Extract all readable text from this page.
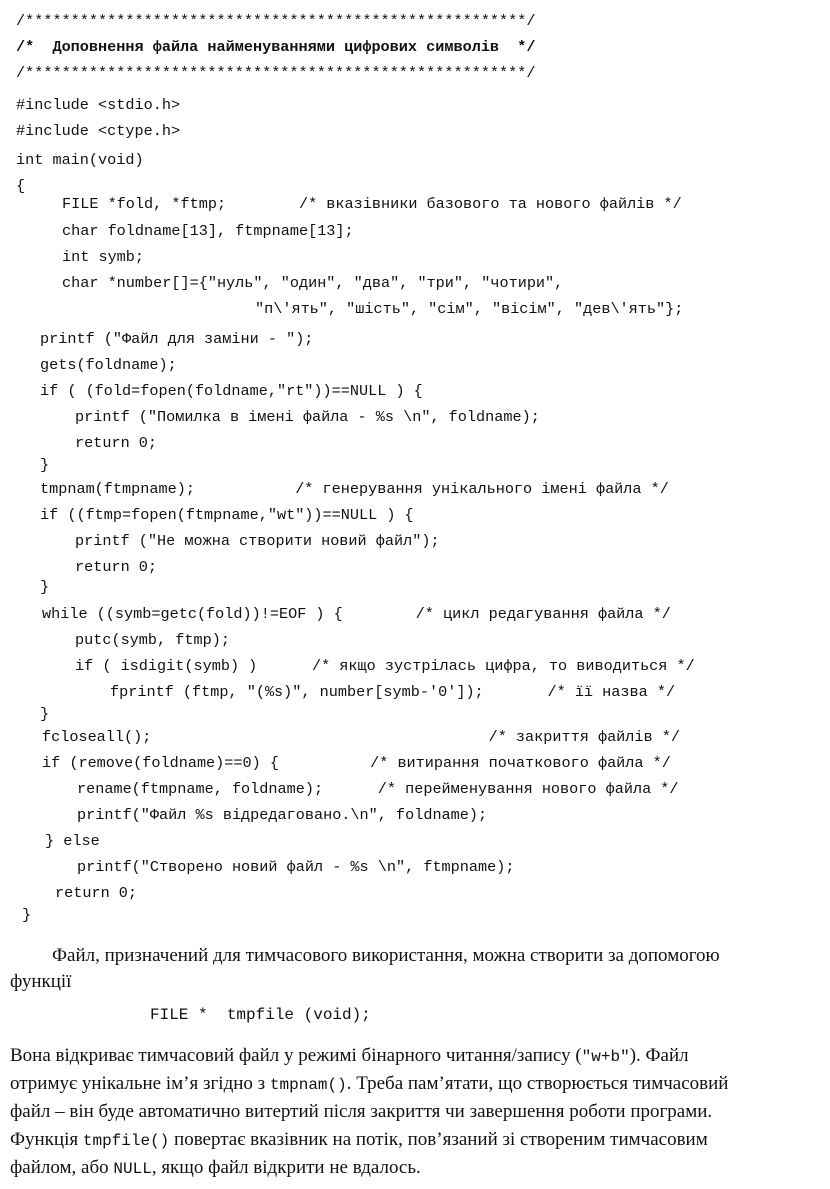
/*******************************************************/
/*  Доповнення файла найменуваннями цифрових символів  */
/*******************************************************/
#include <stdio.h>
#include <ctype.h>
int main(void)
{
FILE *fold, *ftmp;        /* вказівники базового та нового файлів */
char foldname[13], ftmpname[13];
int symb;
char *number[]={"нуль", "один", "два", "три", "чотири",
"п\'ять", "шість", "сім", "вісім", "дев\'ять"};
printf ("Файл для заміни - ");
gets(foldname);
if ( (fold=fopen(foldname,"rt"))==NULL ) {
printf ("Помилка в імені файла - %s \n", foldname);
return 0;
}
tmpnam(ftmpname);           /* генерування унікального імені файла */
if ((ftmp=fopen(ftmpname,"wt"))==NULL ) {
printf ("Не можна створити новий файл");
return 0;
}
while ((symb=getc(fold))!=EOF ) {        /* цикл редагування файла */
putc(symb, ftmp);
if ( isdigit(symb) )      /* якщо зустрілась цифра, то виводиться */
fprintf (ftmp, "(%s)", number[symb-'0']);       /* її назва */
}
fcloseall();                                     /* закриття файлів */
if (remove(foldname)==0) {          /* витирання початкового файла */
rename(ftmpname, foldname);      /* перейменування нового файла */
printf("Файл %s відредаговано.\n", foldname);
} else
printf("Створено новий файл - %s \n", ftmpname);
return 0;
}
Файл, призначений для тимчасового використання, можна створити за допомогою
функції
Вона відкриває тимчасовий файл у режимі бінарного читання/запису ("w+b"). Файл
отримує унікальне ім’я згідно з tmpnam(). Треба пам’ятати, що створюється тимчасовий
файл – він буде автоматично витертий після закриття чи завершення роботи програми.
Функція tmpfile() повертає вказівник на потік, пов’язаний зі створеним тимчасовим
файлом, або NULL, якщо файл відкрити не вдалось.
FILE *  tmpfile (void);
